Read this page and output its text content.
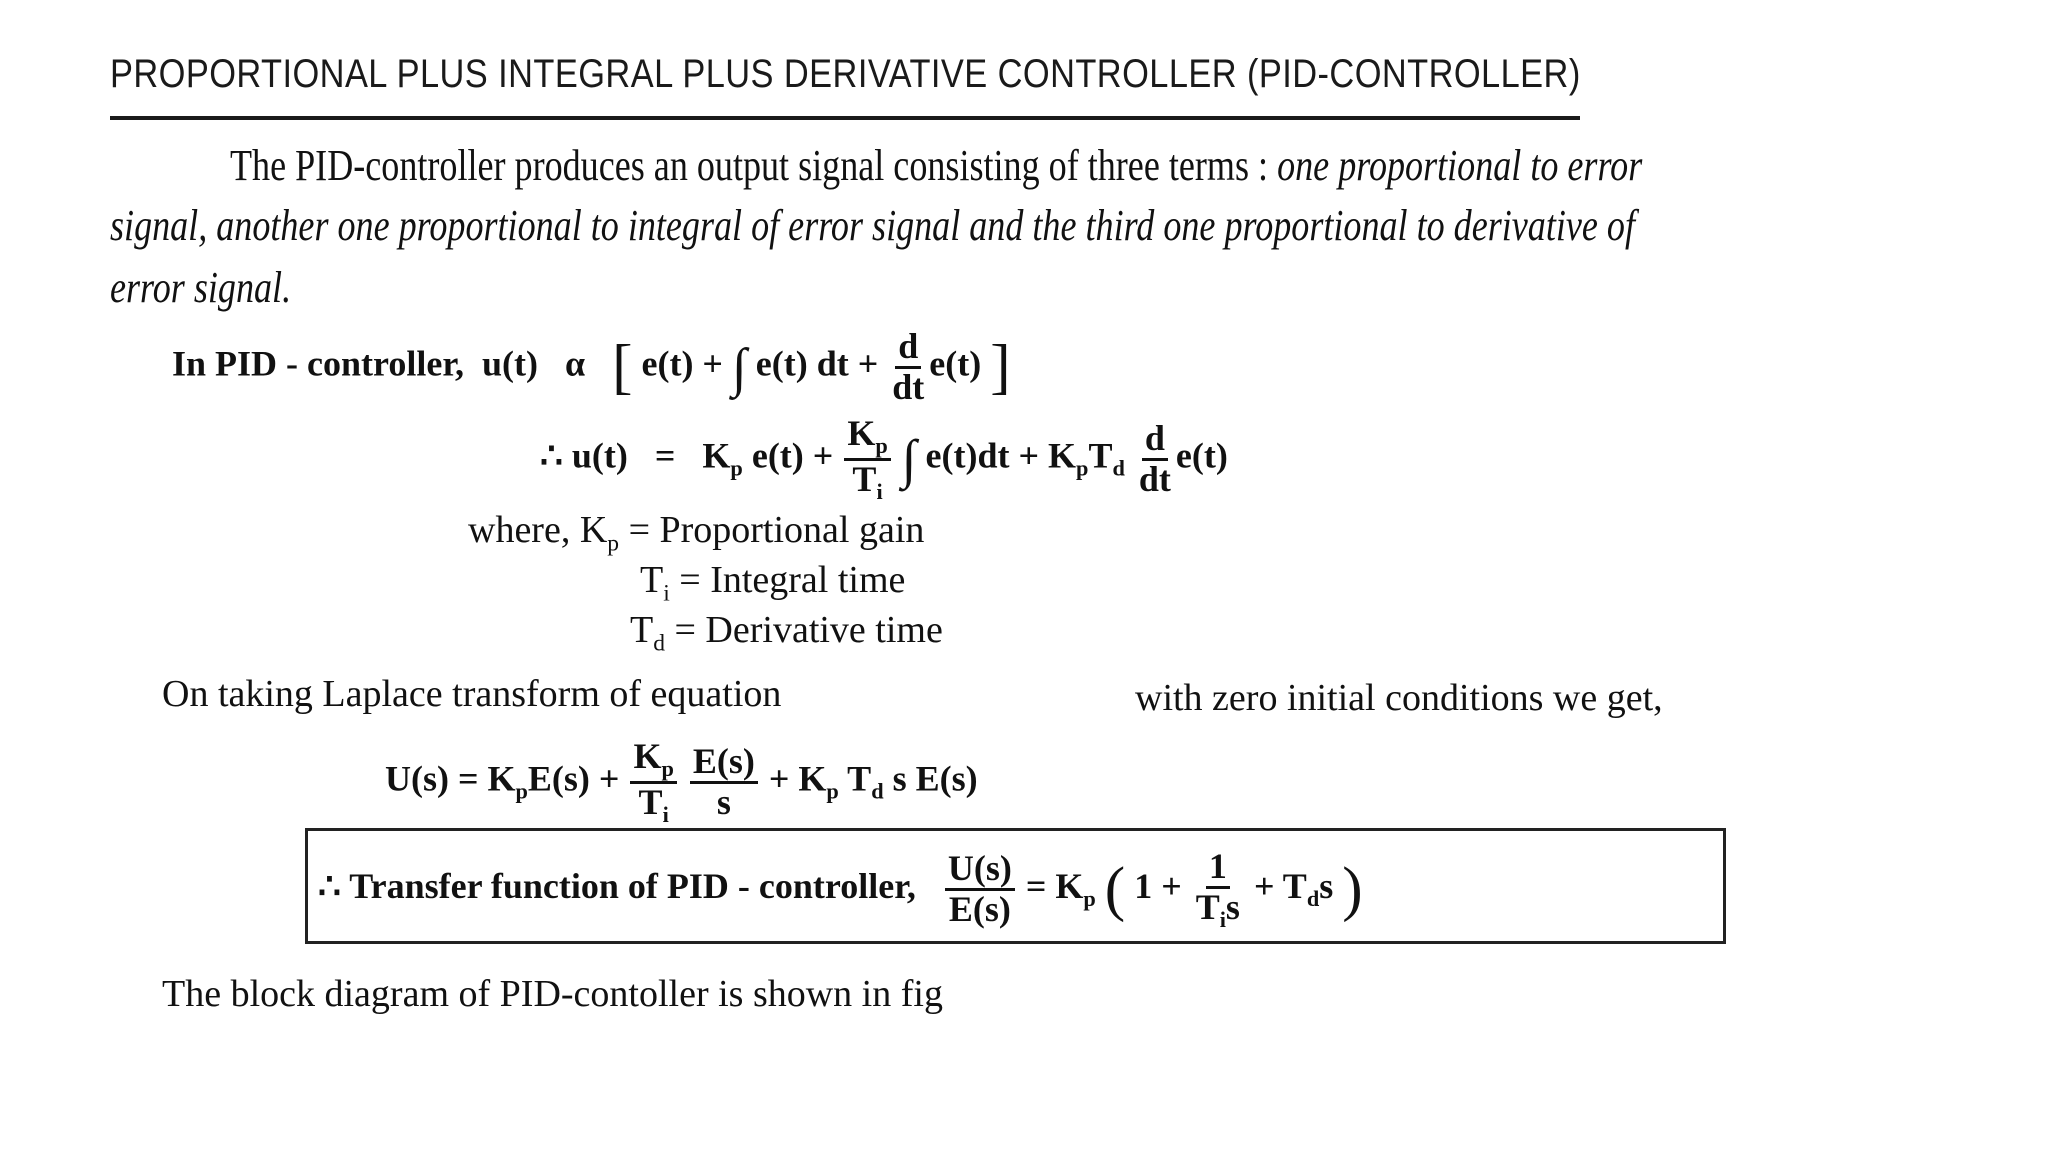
PROPORTIONAL PLUS INTEGRAL PLUS DERIVATIVE CONTROLLER (PID-CONTROLLER)
The PID-controller produces an output signal consisting of three terms : one proportional to error
signal, another one proportional to integral of error signal and the third one proportional to derivative of
error signal.
In PID - controller, u(t) α [ e(t) + ∫ e(t) dt + $\frac{d}{dt} e(t)$ ]
∴ $u(t) = K_p$ $e(t) + \frac{K_p}{T_i}$ ∫ $e(t)dt + K_pT_d \frac{d}{dt} e(t)$
where, $K_p$ = Proportional gain
$T_i$ = Integral time
$T_d$ = Derivative time
On taking Laplace transform of equation	with zero initial conditions we get,
$U(s) = K_pE(s) + \frac{K_p}{T_i}$
$\frac{E(s)}{s} + K_p$ $T_d$ s E(s)
∴ Transfer function of PID - controller, $\frac{U(s)}{E(s)} = K_p$ ( $1 + \frac{1}{T_is} + T_ds$ )
The block diagram of PID-contoller is shown in fig
